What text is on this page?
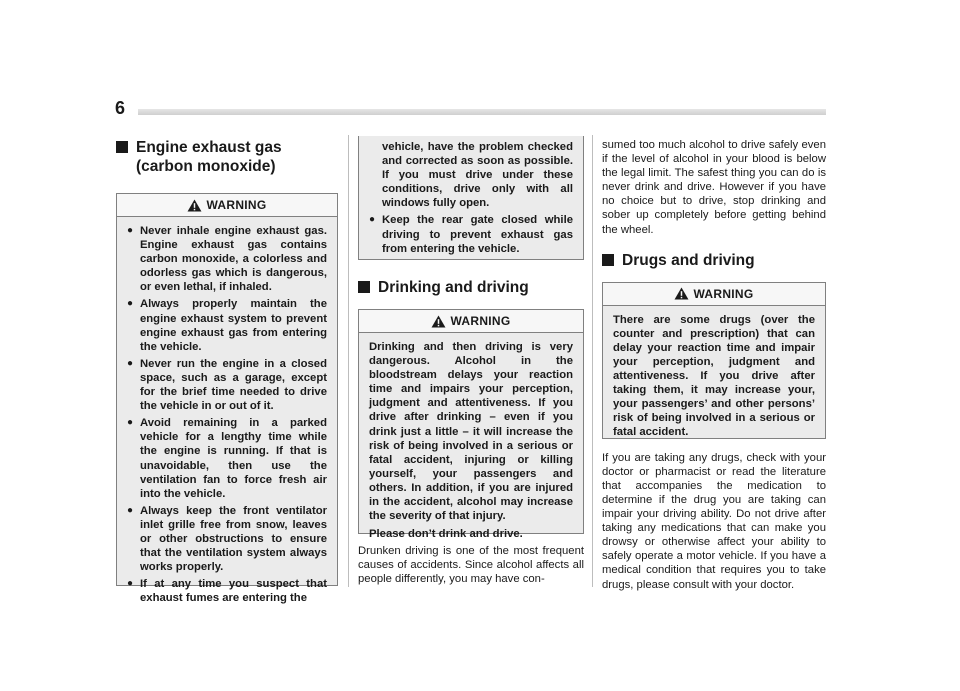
6
Engine exhaust gas (carbon monoxide)
WARNING
● Never inhale engine exhaust gas. Engine exhaust gas contains carbon monoxide, a colorless and odorless gas which is dangerous, or even lethal, if inhaled.
● Always properly maintain the engine exhaust system to prevent engine exhaust gas from entering the vehicle.
● Never run the engine in a closed space, such as a garage, except for the brief time needed to drive the vehicle in or out of it.
● Avoid remaining in a parked vehicle for a lengthy time while the engine is running. If that is unavoidable, then use the ventilation fan to force fresh air into the vehicle.
● Always keep the front ventilator inlet grille free from snow, leaves or other obstructions to ensure that the ventilation system always works properly.
● If at any time you suspect that exhaust fumes are entering the
vehicle, have the problem checked and corrected as soon as possible. If you must drive under these conditions, drive only with all windows fully open.
● Keep the rear gate closed while driving to prevent exhaust gas from entering the vehicle.
Drinking and driving
WARNING

Drinking and then driving is very dangerous. Alcohol in the bloodstream delays your reaction time and impairs your perception, judgment and attentiveness. If you drive after drinking – even if you drink just a little – it will increase the risk of being involved in a serious or fatal accident, injuring or killing yourself, your passengers and others. In addition, if you are injured in the accident, alcohol may increase the severity of that injury.

Please don’t drink and drive.

Drunken driving is one of the most frequent causes of accidents. Since alcohol affects all people differently, you may have con-

sumed too much alcohol to drive safely even if the level of alcohol in your blood is below the legal limit. The safest thing you can do is never drink and drive. However if you have no choice but to drive, stop drinking and sober up completely before getting behind the wheel.

Drugs and driving
WARNING

There are some drugs (over the counter and prescription) that can delay your reaction time and impair your perception, judgment and attentiveness. If you drive after taking them, it may increase your, your passengers’ and other persons’ risk of being involved in a serious or fatal accident.

If you are taking any drugs, check with your doctor or pharmacist or read the literature that accompanies the medication to determine if the drug you are taking can impair your driving ability. Do not drive after taking any medications that can make you drowsy or otherwise affect your ability to safely operate a motor vehicle. If you have a medical condition that requires you to take drugs, please consult with your doctor.
